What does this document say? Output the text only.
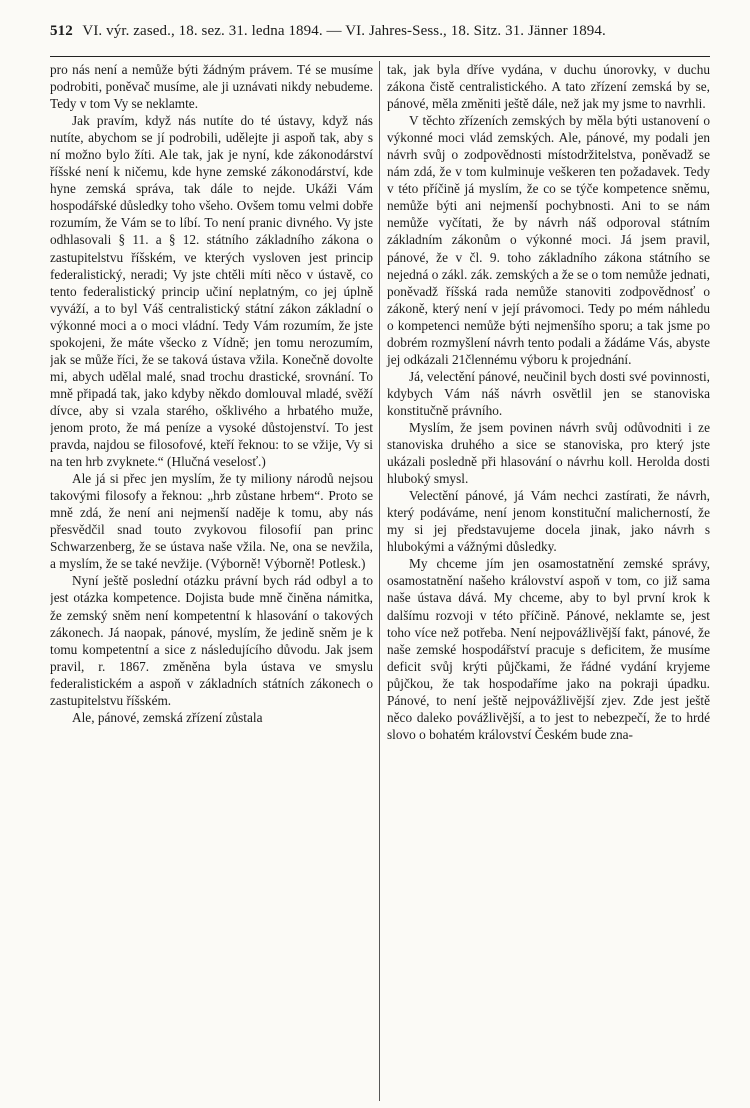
512 VI. výr. zased., 18. sez. 31. ledna 1894. — VI. Jahres-Sess., 18. Sitz. 31. Jänner 1894.

pro nás není a nemůže býti žádným právem. Té se musíme podrobiti, poněvač musíme, ale ji uznávati nikdy nebudeme. Tedy v tom Vy se neklamte.

Jak pravím, když nás nutíte do té ústavy, když nás nutíte, abychom se jí podrobili, udělejte ji aspoň tak, aby s ní možno bylo žíti. Ale tak, jak je nyní, kde zákonodárství říšské není k ničemu, kde hyne zemské zákonodárství, kde hyne zemská správa, tak dále to nejde. Ukáži Vám hospodářské důsledky toho všeho. Ovšem tomu velmi dobře rozumím, že Vám se to líbí. To není pranic divného. Vy jste odhlasovali § 11. a § 12. státního základního zákona o zastupitelstvu říšském, ve kterých vysloven jest princip federalistický, neradi; Vy jste chtěli míti něco v ústavě, co tento federalistický princip učiní neplatným, co jej úplně vyváží, a to byl Váš centralistický státní zákon základní o výkonné moci a o moci vládní. Tedy Vám rozumím, že jste spokojeni, že máte všecko z Vídně; jen tomu nerozumím, jak se může říci, že se taková ústava vžila. Konečně dovolte mi, abych udělal malé, snad trochu drastické, srovnání. To mně připadá tak, jako kdyby někdo domlouval mladé, svěží dívce, aby si vzala starého, ošklivého a hrbatého muže, jenom proto, že má peníze a vysoké důstojenství. To jest pravda, najdou se filosofové, kteří řeknou: to se vžije, Vy si na ten hrb zvyknete.“ (Hlučná veselosť.)

Ale já si přec jen myslím, že ty miliony národů nejsou takovými filosofy a řeknou: „hrb zůstane hrbem“. Proto se mně zdá, že není ani nejmenší naděje k tomu, aby nás přesvědčil snad touto zvykovou filosofií pan princ Schwarzenberg, že se ústava naše vžila. Ne, ona se nevžila, a myslím, že se také nevžije. (Výborně! Výborně! Potlesk.)

Nyní ještě poslední otázku právní bych rád odbyl a to jest otázka kompetence. Dojista bude mně činěna námitka, že zemský sněm není kompetentní k hlasování o takových zákonech. Já naopak, pánové, myslím, že jedině sněm je k tomu kompetentní a sice z následujícího důvodu. Jak jsem pravil, r. 1867. změněna byla ústava ve smyslu federalistickém a aspoň v základních státních zákonech o zastupitelstvu říšském.

Ale, pánové, zemská zřízení zůstala

tak, jak byla dříve vydána, v duchu únorovky, v duchu zákona čistě centralistického. A tato zřízení zemská by se, pánové, měla změniti ještě dále, než jak my jsme to navrhli.

V těchto zřízeních zemských by měla býti ustanovení o výkonné moci vlád zemských. Ale, pánové, my podali jen návrh svůj o zodpovědnosti místodržitelstva, poněvadž se nám zdá, že v tom kulminuje veškeren ten požadavek. Tedy v této příčině já myslím, že co se týče kompetence sněmu, nemůže býti ani nejmenší pochybnosti. Ani to se nám nemůže vyčítati, že by návrh náš odporoval státním základním zákonům o výkonné moci. Já jsem pravil, pánové, že v čl. 9. toho základního zákona státního se nejedná o zákl. zák. zemských a že se o tom nemůže jednati, poněvadž říšská rada nemůže stanoviti zodpovědnosť o zákoně, který není v její právomoci. Tedy po mém náhledu o kompetenci nemůže býti nejmenšího sporu; a tak jsme po dobrém rozmyšlení návrh tento podali a žádáme Vás, abyste jej odkázali 21člennému výboru k projednání.

Já, velectění pánové, neučinil bych dosti své povinnosti, kdybych Vám náš návrh osvětlil jen se stanoviska konstitučně právního.

Myslím, že jsem povinen návrh svůj odůvodniti i ze stanoviska druhého a sice se stanoviska, pro který jste ukázali posledně při hlasování o návrhu koll. Herolda dosti hluboký smysl.

Velectění pánové, já Vám nechci zastírati, že návrh, který podáváme, není jenom konstituční malicherností, že my si jej představujeme docela jinak, jako návrh s hlubokými a vážnými důsledky.

My chceme jím jen osamostatnění zemské správy, osamostatnění našeho království aspoň v tom, co již sama naše ústava dává. My chceme, aby to byl první krok k dalšímu rozvoji v této příčině. Pánové, neklamte se, jest toho více než potřeba. Není nejpovážlivější fakt, pánové, že naše zemské hospodářství pracuje s deficitem, že musíme deficit svůj krýti půjčkami, že řádné vydání kryjeme půjčkou, že tak hospodaříme jako na pokraji úpadku. Pánové, to není ještě nejpovážlivější zjev. Zde jest ještě něco daleko povážlivější, a to jest to nebezpečí, že to hrdé slovo o bohatém království Českém bude zna-
